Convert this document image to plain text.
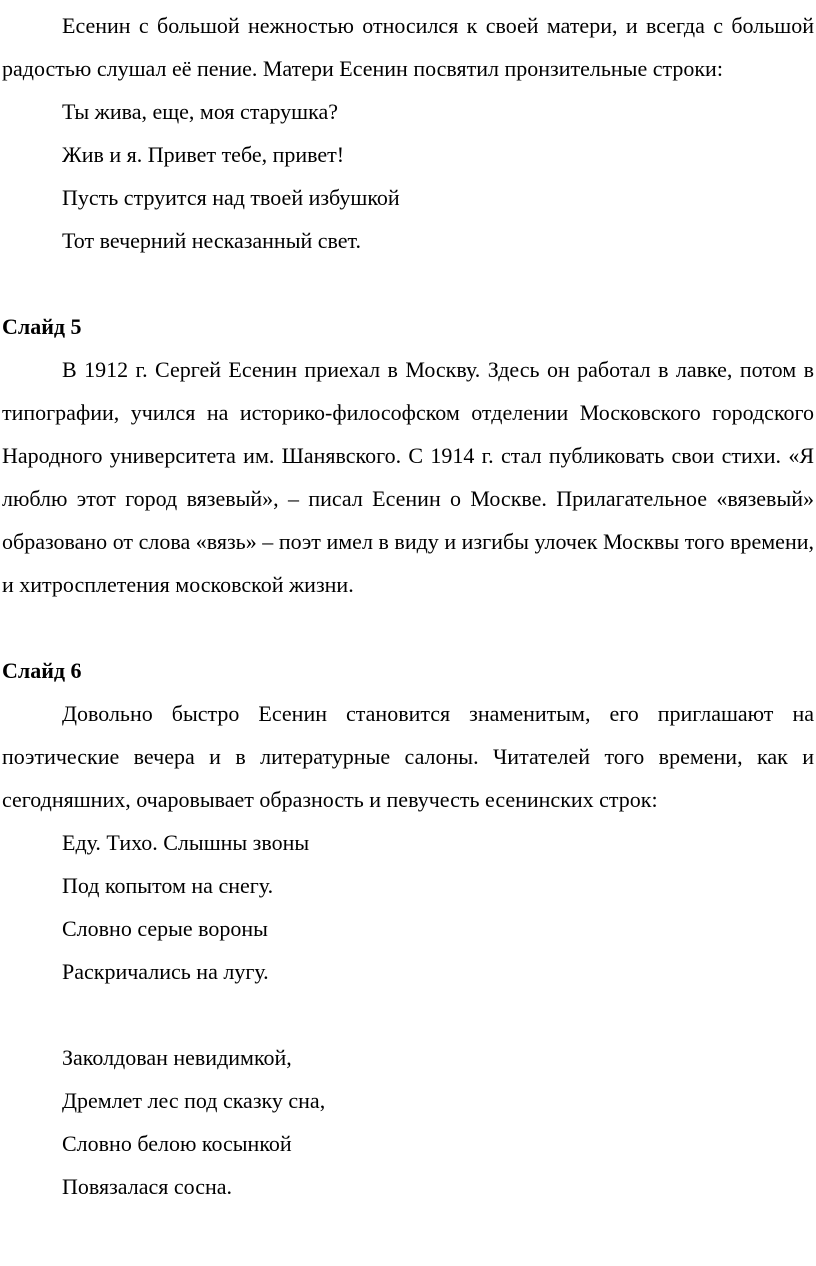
Есенин с большой нежностью относился к своей матери, и всегда с большой радостью слушал её пение. Матери Есенин посвятил пронзительные строки:

Ты жива, еще, моя старушка?

Жив и я. Привет тебе, привет!

Пусть струится над твоей избушкой

Тот вечерний несказанный свет.

Слайд 5

В 1912 г. Сергей Есенин приехал в Москву. Здесь он работал в лавке, потом в типографии, учился на историко-философском отделении Московского городского Народного университета им. Шанявского. С 1914 г. стал публиковать свои стихи. «Я люблю этот город вязевый», – писал Есенин о Москве. Прилагательное «вязевый» образовано от слова «вязь» – поэт имел в виду и изгибы улочек Москвы того времени, и хитросплетения московской жизни.

Слайд 6

Довольно быстро Есенин становится знаменитым, его приглашают на поэтические вечера и в литературные салоны. Читателей того времени, как и сегодняшних, очаровывает образность и певучесть есенинских строк:

Еду. Тихо. Слышны звоны

Под копытом на снегу.

Словно серые вороны

Раскричались на лугу.

Заколдован невидимкой,

Дремлет лес под сказку сна,

Словно белою косынкой

Повязалася сосна.
